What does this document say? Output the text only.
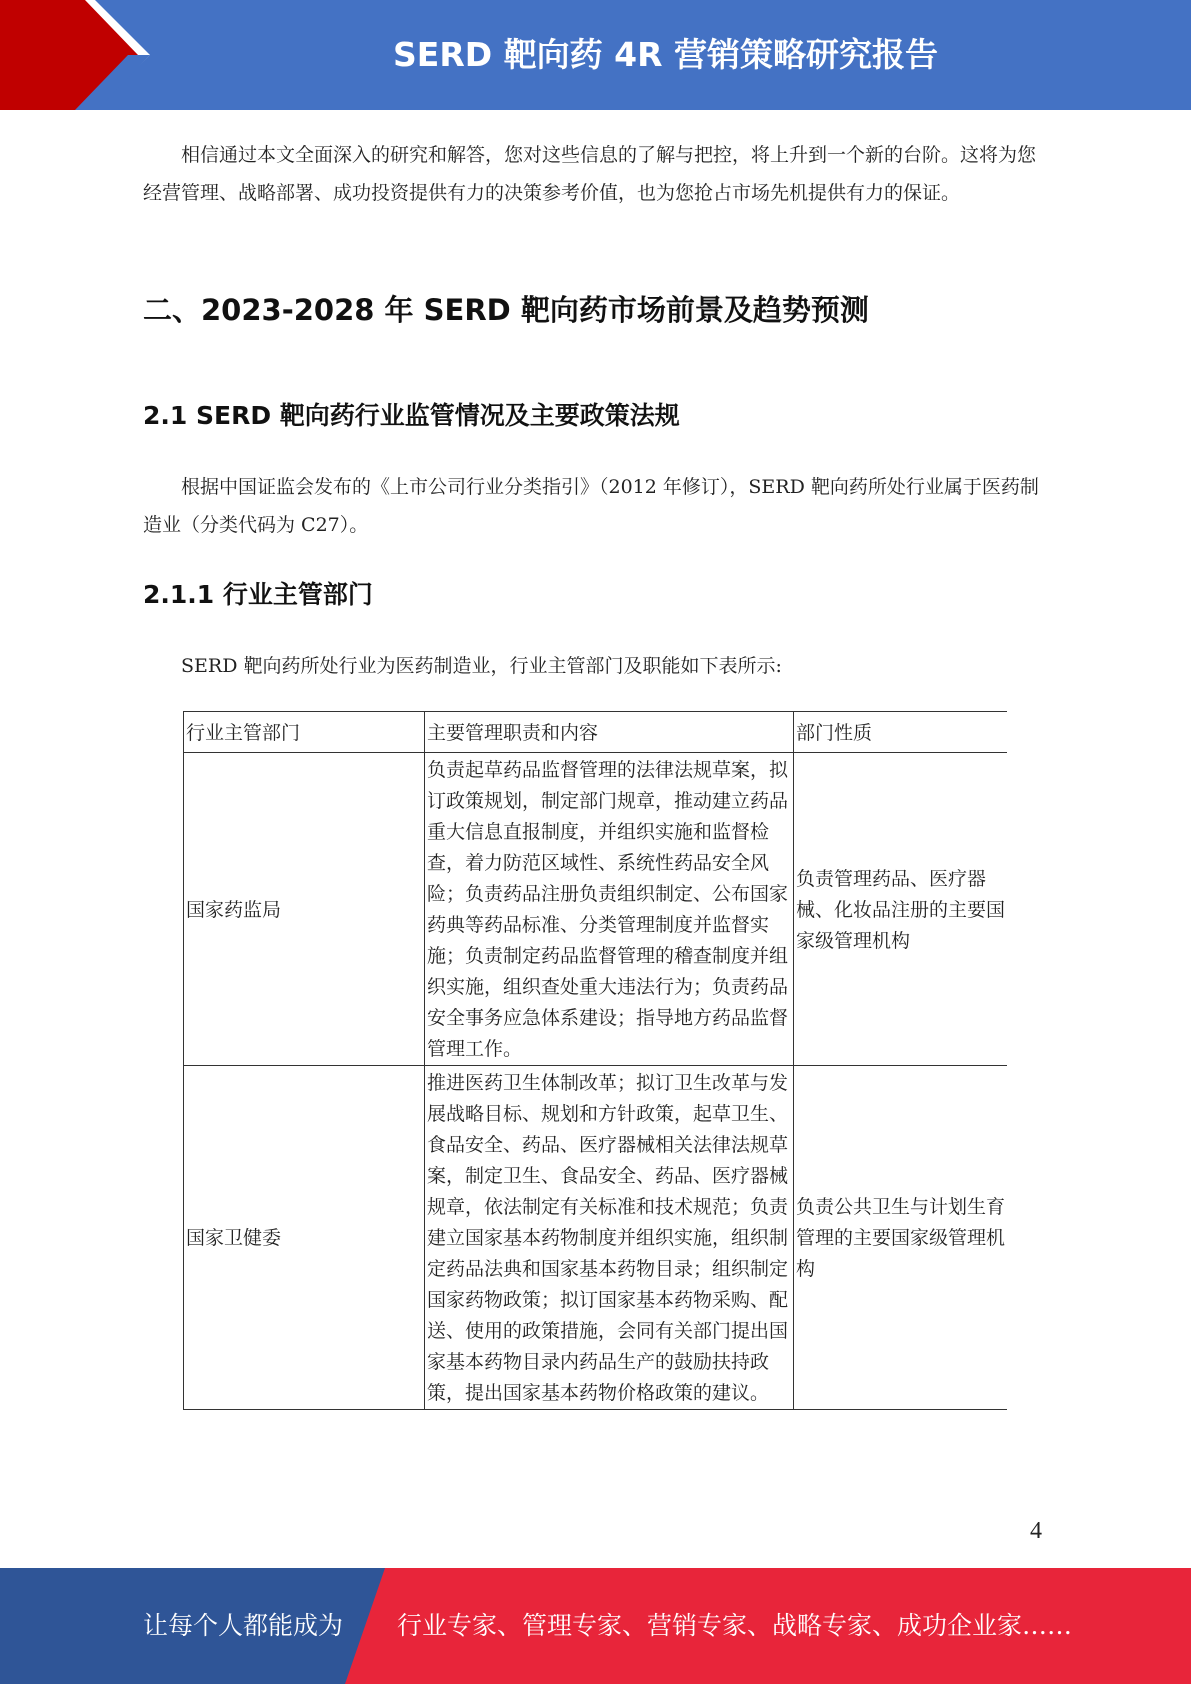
SERD 靶向药 4R 营销策略研究报告

相信通过本文全面深入的研究和解答，您对这些信息的了解与把控，将上升到一个新的台阶。这将为您经营管理、战略部署、成功投资提供有力的决策参考价值，也为您抢占市场先机提供有力的保证。

二、2023-2028 年 SERD 靶向药市场前景及趋势预测
2.1 SERD 靶向药行业监管情况及主要政策法规

根据中国证监会发布的《上市公司行业分类指引》（2012 年修订），SERD 靶向药所处行业属于医药制造业（分类代码为 C27）。

2.1.1 行业主管部门

SERD 靶向药所处行业为医药制造业，行业主管部门及职能如下表所示:

行业主管部门	主要管理职责和内容	部门性质
国家药监局	负责起草药品监督管理的法律法规草案，拟订政策规划，制定部门规章，推动建立药品重大信息直报制度，并组织实施和监督检查，着力防范区域性、系统性药品安全风险；负责药品注册负责组织制定、公布国家药典等药品标准、分类管理制度并监督实施；负责制定药品监督管理的稽查制度并组织实施，组织查处重大违法行为；负责药品安全事务应急体系建设；指导地方药品监督管理工作。	负责管理药品、医疗器械、化妆品注册的主要国家级管理机构
国家卫健委	推进医药卫生体制改革；拟订卫生改革与发展战略目标、规划和方针政策，起草卫生、食品安全、药品、医疗器械相关法律法规草案，制定卫生、食品安全、药品、医疗器械规章，依法制定有关标准和技术规范；负责建立国家基本药物制度并组织实施，组织制定药品法典和国家基本药物目录；组织制定国家药物政策；拟订国家基本药物采购、配送、使用的政策措施，会同有关部门提出国家基本药物目录内药品生产的鼓励扶持政策，提出国家基本药物价格政策的建议。	负责公共卫生与计划生育管理的主要国家级管理机构
4
让每个人都能成为 行业专家、管理专家、营销专家、战略专家、成功企业家……
